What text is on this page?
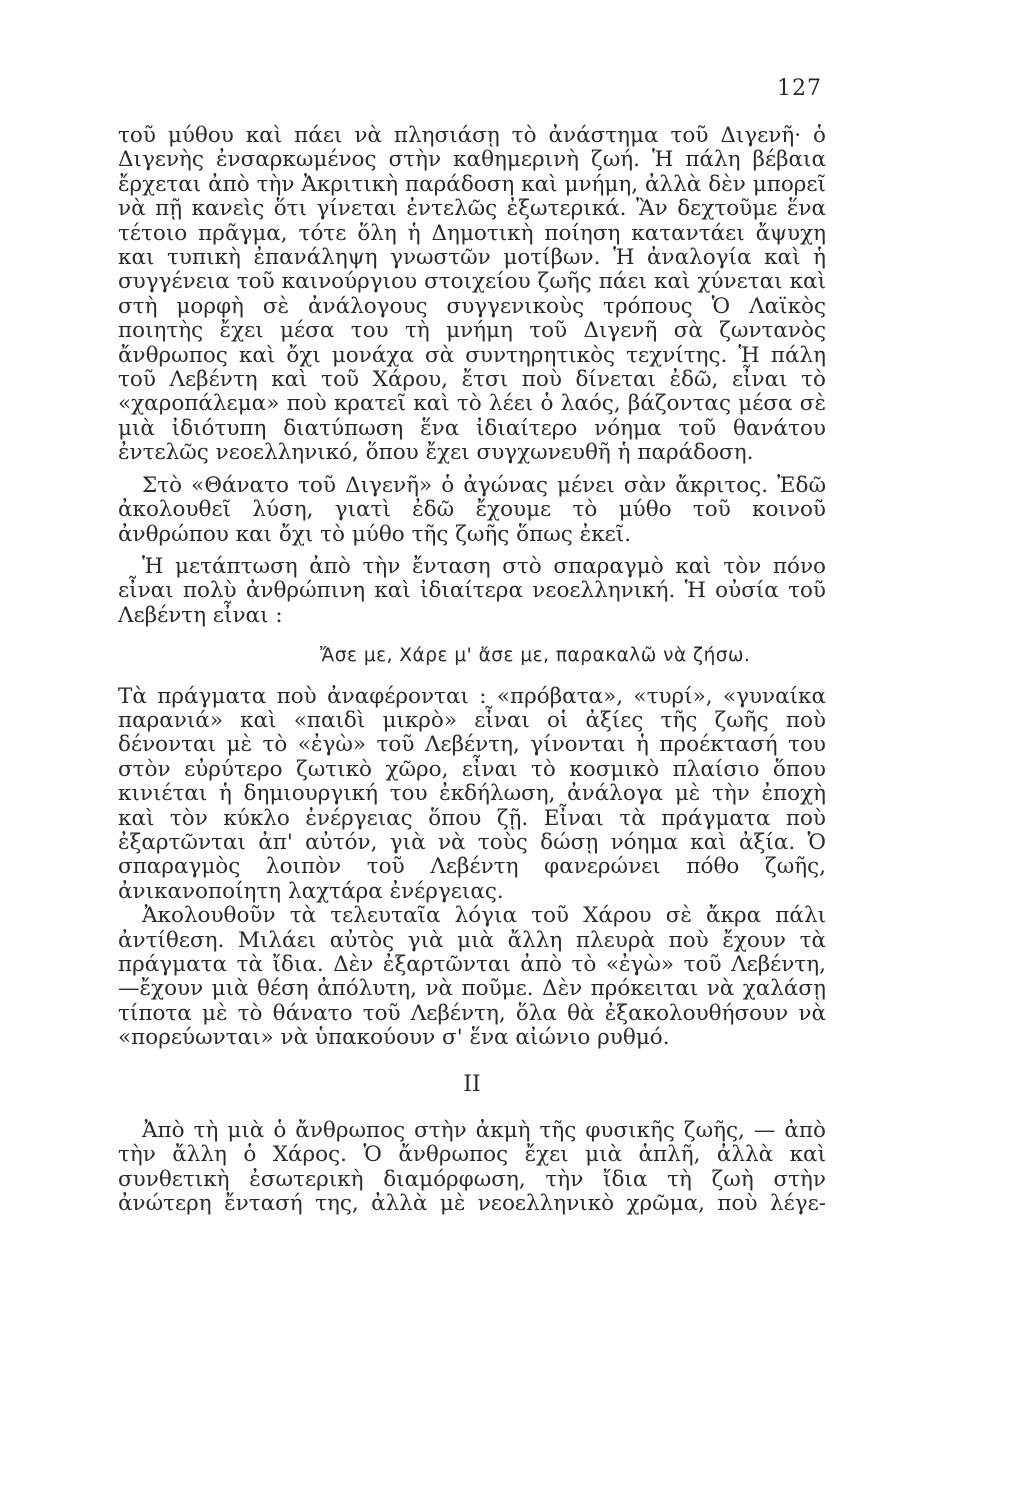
127

τοῦ μύθου καὶ πάει νὰ πλησιάσῃ τὸ ἀνάστημα τοῦ Διγενῆ· ὁ Διγενὴς ἐνσαρκωμένος στὴν καθημερινὴ ζωή. Ἡ πάλη βέβαια ἔρχεται ἀπὸ τὴν Ἀκριτικὴ παράδοση καὶ μνήμη, ἀλλὰ δὲν μπορεῖ νὰ πῇ κανεὶς ὅτι γίνεται ἐντελῶς ἐξωτερικά. Ἂν δεχτοῦμε ἕνα τέτοιο πρᾶγμα, τότε ὅλη ἡ Δημοτικὴ ποίηση καταντάει ἄψυχη και τυπικὴ ἐπανάληψη γνωστῶν μοτίβων. Ἡ ἀναλογία καὶ ἡ συγγένεια τοῦ καινούργιου στοιχείου ζωῆς πάει καὶ χύνεται καὶ στὴ μορφὴ σὲ ἀνάλογους συγγενικοὺς τρόπους Ὁ Λαϊκὸς ποιητὴς ἔχει μέσα του τὴ μνήμη τοῦ Διγενῆ σὰ ζωντανὸς ἄνθρωπος καὶ ὄχι μονάχα σὰ συντηρητικὸς τεχνίτης. Ἡ πάλη τοῦ Λεβέντη καὶ τοῦ Χάρου, ἔτσι ποὺ δίνεται ἐδῶ, εἶναι τὸ «χαροπάλεμα» ποὺ κρατεῖ καὶ τὸ λέει ὁ λαός, βάζοντας μέσα σὲ μιὰ ἰδιότυπη διατύπωση ἕνα ἰδιαίτερο νόημα τοῦ θανάτου ἐντελῶς νεοελληνικό, ὅπου ἔχει συγχωνευθῆ ἡ παράδοση.

Στὸ «Θάνατο τοῦ Διγενῆ» ὁ ἀγώνας μένει σὰν ἄκριτος. Ἐδῶ ἀκολουθεῖ λύση, γιατὶ ἐδῶ ἔχουμε τὸ μύθο τοῦ κοινοῦ ἀνθρώπου και ὄχι τὸ μύθο τῆς ζωῆς ὅπως ἐκεῖ.

Ἡ μετάπτωση ἀπὸ τὴν ἔνταση στὸ σπαραγμὸ καὶ τὸν πόνο εἶναι πολὺ ἀνθρώπινη καὶ ἰδιαίτερα νεοελληνική. Ἡ οὐσία τοῦ Λεβέντη εἶναι :

Ἄσε με, Χάρε μ' ἄσε με, παρακαλῶ νὰ ζήσω.

Τὰ πράγματα ποὺ ἀναφέρονται : «πρόβατα», «τυρί», «γυναίκα παρανιά» καὶ «παιδὶ μικρὸ» εἶναι οἱ ἀξίες τῆς ζωῆς ποὺ δένονται μὲ τὸ «ἐγὼ» τοῦ Λεβέντη, γίνονται ἡ προέκτασή του στὸν εὐρύτερο ζωτικὸ χῶρο, εἶναι τὸ κοσμικὸ πλαίσιο ὅπου κινιέται ἡ δημιουργική του ἐκδήλωση, ἀνάλογα μὲ τὴν ἐποχὴ καὶ τὸν κύκλο ἐνέργειας ὅπου ζῇ. Εἶναι τὰ πράγματα ποὺ ἐξαρτῶνται ἀπ' αὐτόν, γιὰ νὰ τοὺς δώσῃ νόημα καὶ ἀξία. Ὁ σπαραγμὸς λοιπὸν τοῦ Λεβέντη φανερώνει πόθο ζωῆς, ἀνικανοποίητη λαχτάρα ἐνέργειας.

Ἀκολουθοῦν τὰ τελευταῖα λόγια τοῦ Χάρου σὲ ἄκρα πάλι ἀντίθεση. Μιλάει αὐτὸς γιὰ μιὰ ἄλλη πλευρὰ ποὺ ἔχουν τὰ πράγματα τὰ ἴδια. Δὲν ἐξαρτῶνται ἀπὸ τὸ «ἐγὼ» τοῦ Λεβέντη, —ἔχουν μιὰ θέση ἀπόλυτη, νὰ ποῦμε. Δὲν πρόκειται νὰ χαλάσῃ τίποτα μὲ τὸ θάνατο τοῦ Λεβέντη, ὅλα θὰ ἐξακολουθήσουν νὰ «πορεύωνται» νὰ ὑπακούουν σ' ἕνα αἰώνιο ρυθμό.

II

Ἀπὸ τὴ μιὰ ὁ ἄνθρωπος στὴν ἀκμὴ τῆς φυσικῆς ζωῆς, — ἀπὸ τὴν ἄλλη ὁ Χάρος. Ὁ ἄνθρωπος ἔχει μιὰ ἁπλῆ, ἀλλὰ καὶ συνθετικὴ ἐσωτερικὴ διαμόρφωση, τὴν ἴδια τὴ ζωὴ στὴν ἀνώτερη ἔντασή της, ἀλλὰ μὲ νεοελληνικὸ χρῶμα, ποὺ λέγε-
